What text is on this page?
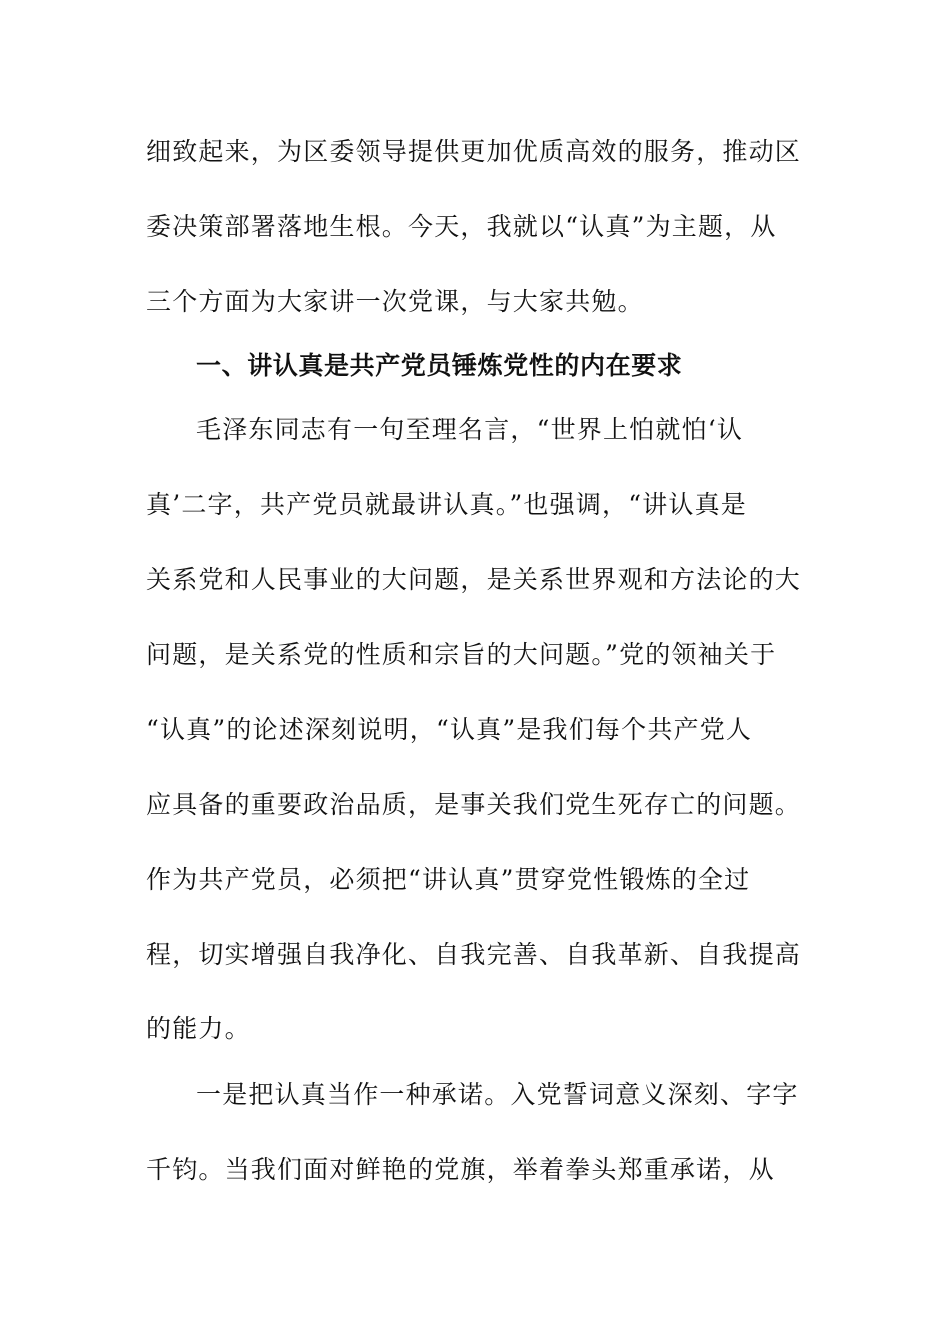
细致起来，为区委领导提供更加优质高效的服务，推动区
委决策部署落地生根。今天，我就以“认真”为主题，从
三个方面为大家讲一次党课，与大家共勉。
一、讲认真是共产党员锤炼党性的内在要求
毛泽东同志有一句至理名言，“世界上怕就怕‘认
真’二字，共产党员就最讲认真。”也强调，“讲认真是
关系党和人民事业的大问题，是关系世界观和方法论的大
问题，是关系党的性质和宗旨的大问题。”党的领袖关于
“认真”的论述深刻说明，“认真”是我们每个共产党人
应具备的重要政治品质，是事关我们党生死存亡的问题。
作为共产党员，必须把“讲认真”贯穿党性锻炼的全过
程，切实增强自我净化、自我完善、自我革新、自我提高
的能力。
一是把认真当作一种承诺。入党誓词意义深刻、字字
千钧。当我们面对鲜艳的党旗，举着拳头郑重承诺，从
